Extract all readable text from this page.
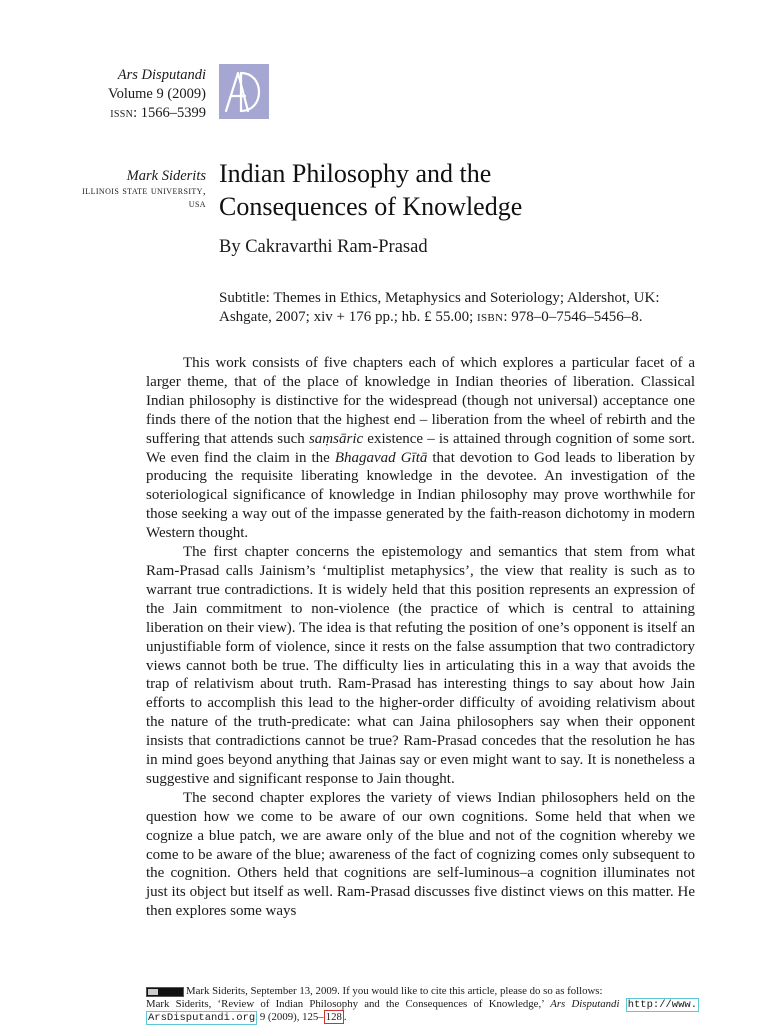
Ars Disputandi
Volume 9 (2009)
issn: 1566–5399
Mark Siderits
illinois state university,
usa
Indian Philosophy and the
Consequences of Knowledge
By Cakravarthi Ram-Prasad
Subtitle: Themes in Ethics, Metaphysics and Soteriology; Aldershot, UK: Ashgate, 2007; xiv + 176 pp.; hb. £ 55.00; isbn: 978–0–7546–5456–8.

This work consists of five chapters each of which explores a particular facet of a larger theme, that of the place of knowledge in Indian theories of liberation. Classical Indian philosophy is distinctive for the widespread (though not universal) acceptance one finds there of the notion that the highest end – liberation from the wheel of rebirth and the suffering that attends such saṃsāric existence – is attained through cognition of some sort. We even find the claim in the Bhagavad Gītā that devotion to God leads to liberation by producing the requisite liberating knowledge in the devotee. An investigation of the soteriological significance of knowledge in Indian philosophy may prove worthwhile for those seeking a way out of the impasse generated by the faith-reason dichotomy in modern Western thought.

The first chapter concerns the epistemology and semantics that stem from what Ram-Prasad calls Jainism’s ‘multiplist metaphysics’, the view that reality is such as to warrant true contradictions. It is widely held that this position represents an expression of the Jain commitment to non-violence (the practice of which is central to attaining liberation on their view). The idea is that refuting the position of one’s opponent is itself an unjustifiable form of violence, since it rests on the false assumption that two contradictory views cannot both be true. The difficulty lies in articulating this in a way that avoids the trap of relativism about truth. Ram-Prasad has interesting things to say about how Jain efforts to accomplish this lead to the higher-order difficulty of avoiding relativism about the nature of the truth-predicate: what can Jaina philosophers say when their opponent insists that contradictions cannot be true? Ram-Prasad concedes that the resolution he has in mind goes beyond anything that Jainas say or even might want to say. It is nonetheless a suggestive and significant response to Jain thought.

The second chapter explores the variety of views Indian philosophers held on the question how we come to be aware of our own cognitions. Some held that when we cognize a blue patch, we are aware only of the blue and not of the cognition whereby we come to be aware of the blue; awareness of the fact of cognizing comes only subsequent to the cognition. Others held that cognitions are self-luminous–a cognition illuminates not just its object but itself as well. Ram-Prasad discusses five distinct views on this matter. He then explores some ways

Mark Siderits, September 13, 2009. If you would like to cite this article, please do so as follows:
Mark Siderits, ‘Review of Indian Philosophy and the Consequences of Knowledge,’ Ars Disputandi http://www.
ArsDisputandi.org 9 (2009), 125– 128 .
